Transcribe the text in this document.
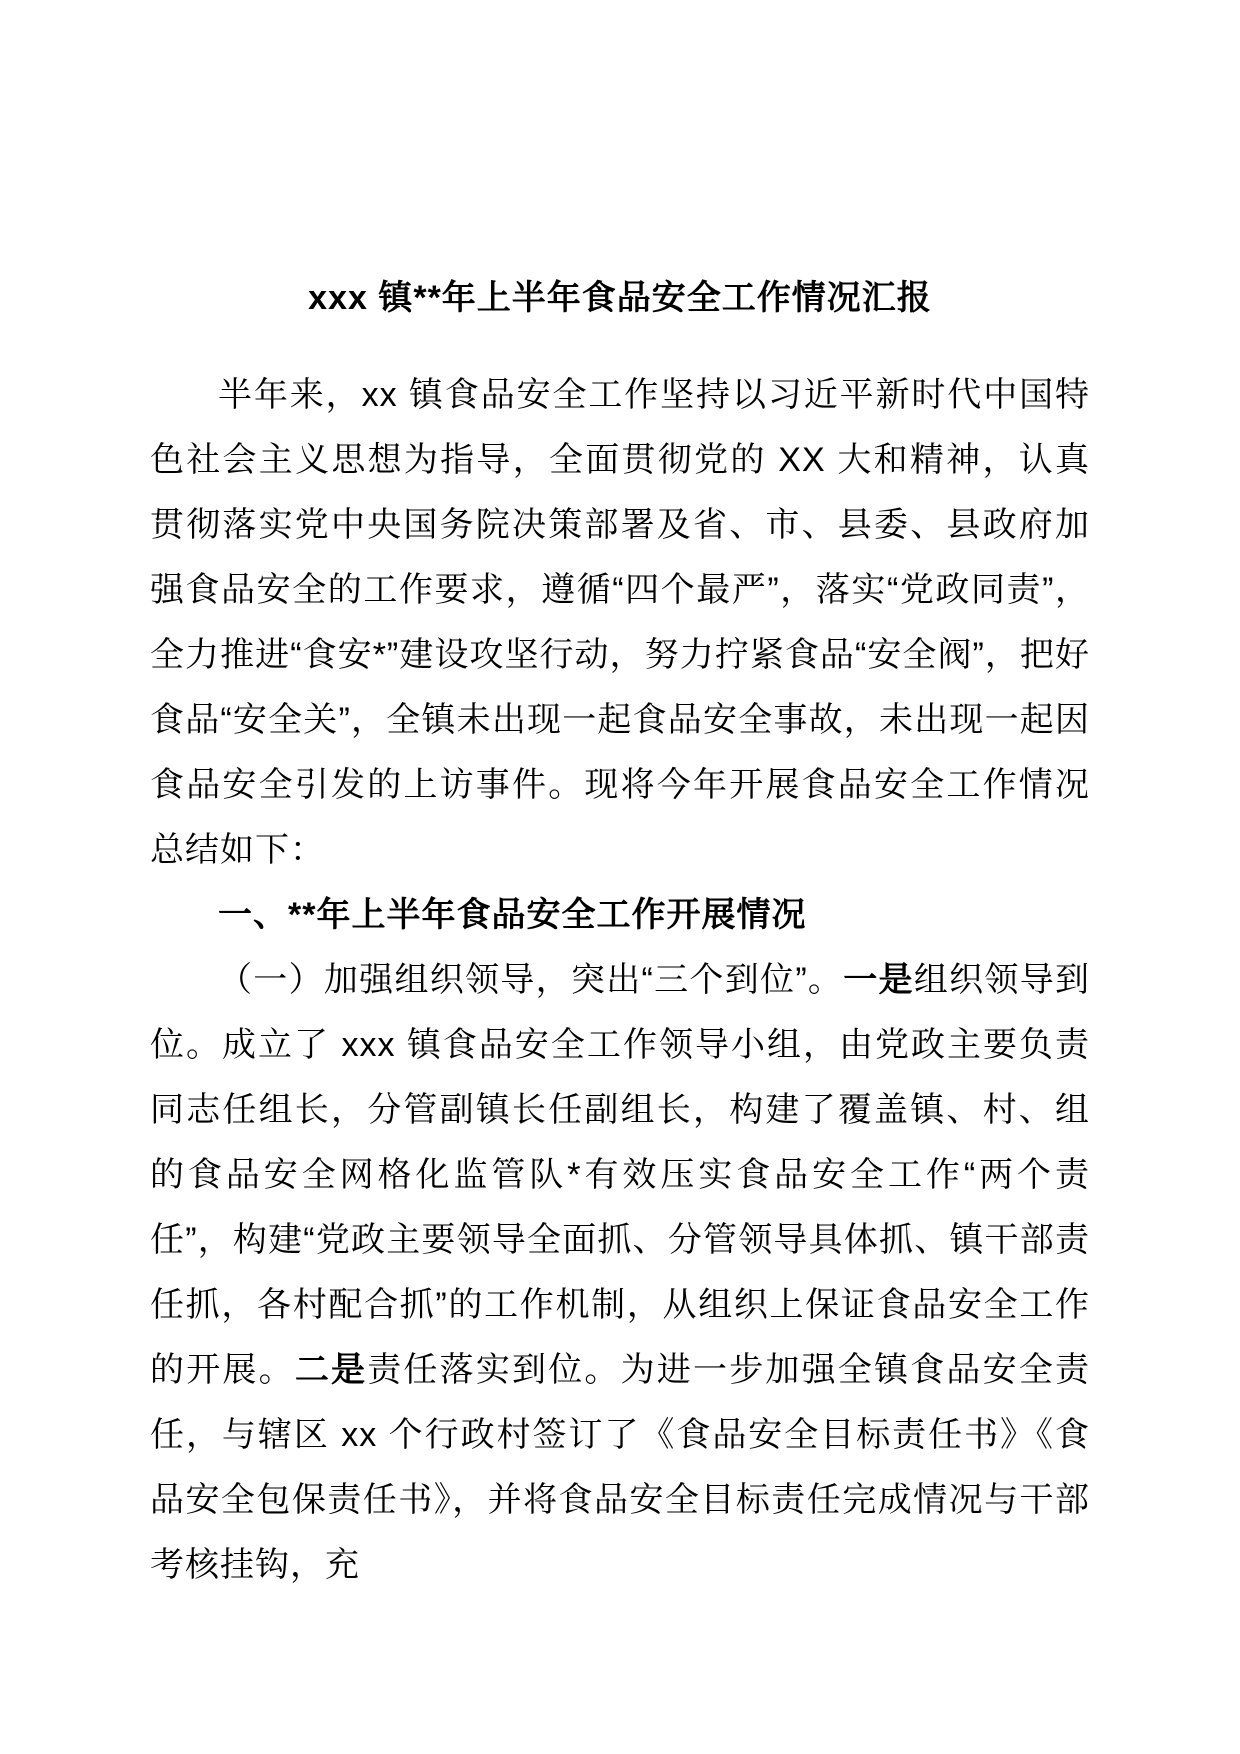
xxx 镇**年上半年食品安全工作情况汇报

半年来，xx 镇食品安全工作坚持以习近平新时代中国特色社会主义思想为指导，全面贯彻党的 XX 大和精神，认真贯彻落实党中央国务院决策部署及省、市、县委、县政府加强食品安全的工作要求，遵循“四个最严”，落实“党政同责”，全力推进“食安*”建设攻坚行动，努力拧紧食品“安全阀”，把好食品“安全关”，全镇未出现一起食品安全事故，未出现一起因食品安全引发的上访事件。现将今年开展食品安全工作情况总结如下：

一、**年上半年食品安全工作开展情况

（一）加强组织领导，突出“三个到位”。一是组织领导到位。成立了 xxx 镇食品安全工作领导小组，由党政主要负责同志任组长，分管副镇长任副组长，构建了覆盖镇、村、组的食品安全网格化监管队*有效压实食品安全工作“两个责任”，构建“党政主要领导全面抓、分管领导具体抓、镇干部责任抓，各村配合抓”的工作机制，从组织上保证食品安全工作的开展。二是责任落实到位。为进一步加强全镇食品安全责任，与辖区 xx 个行政村签订了《食品安全目标责任书》《食品安全包保责任书》，并将食品安全目标责任完成情况与干部考核挂钩，充
